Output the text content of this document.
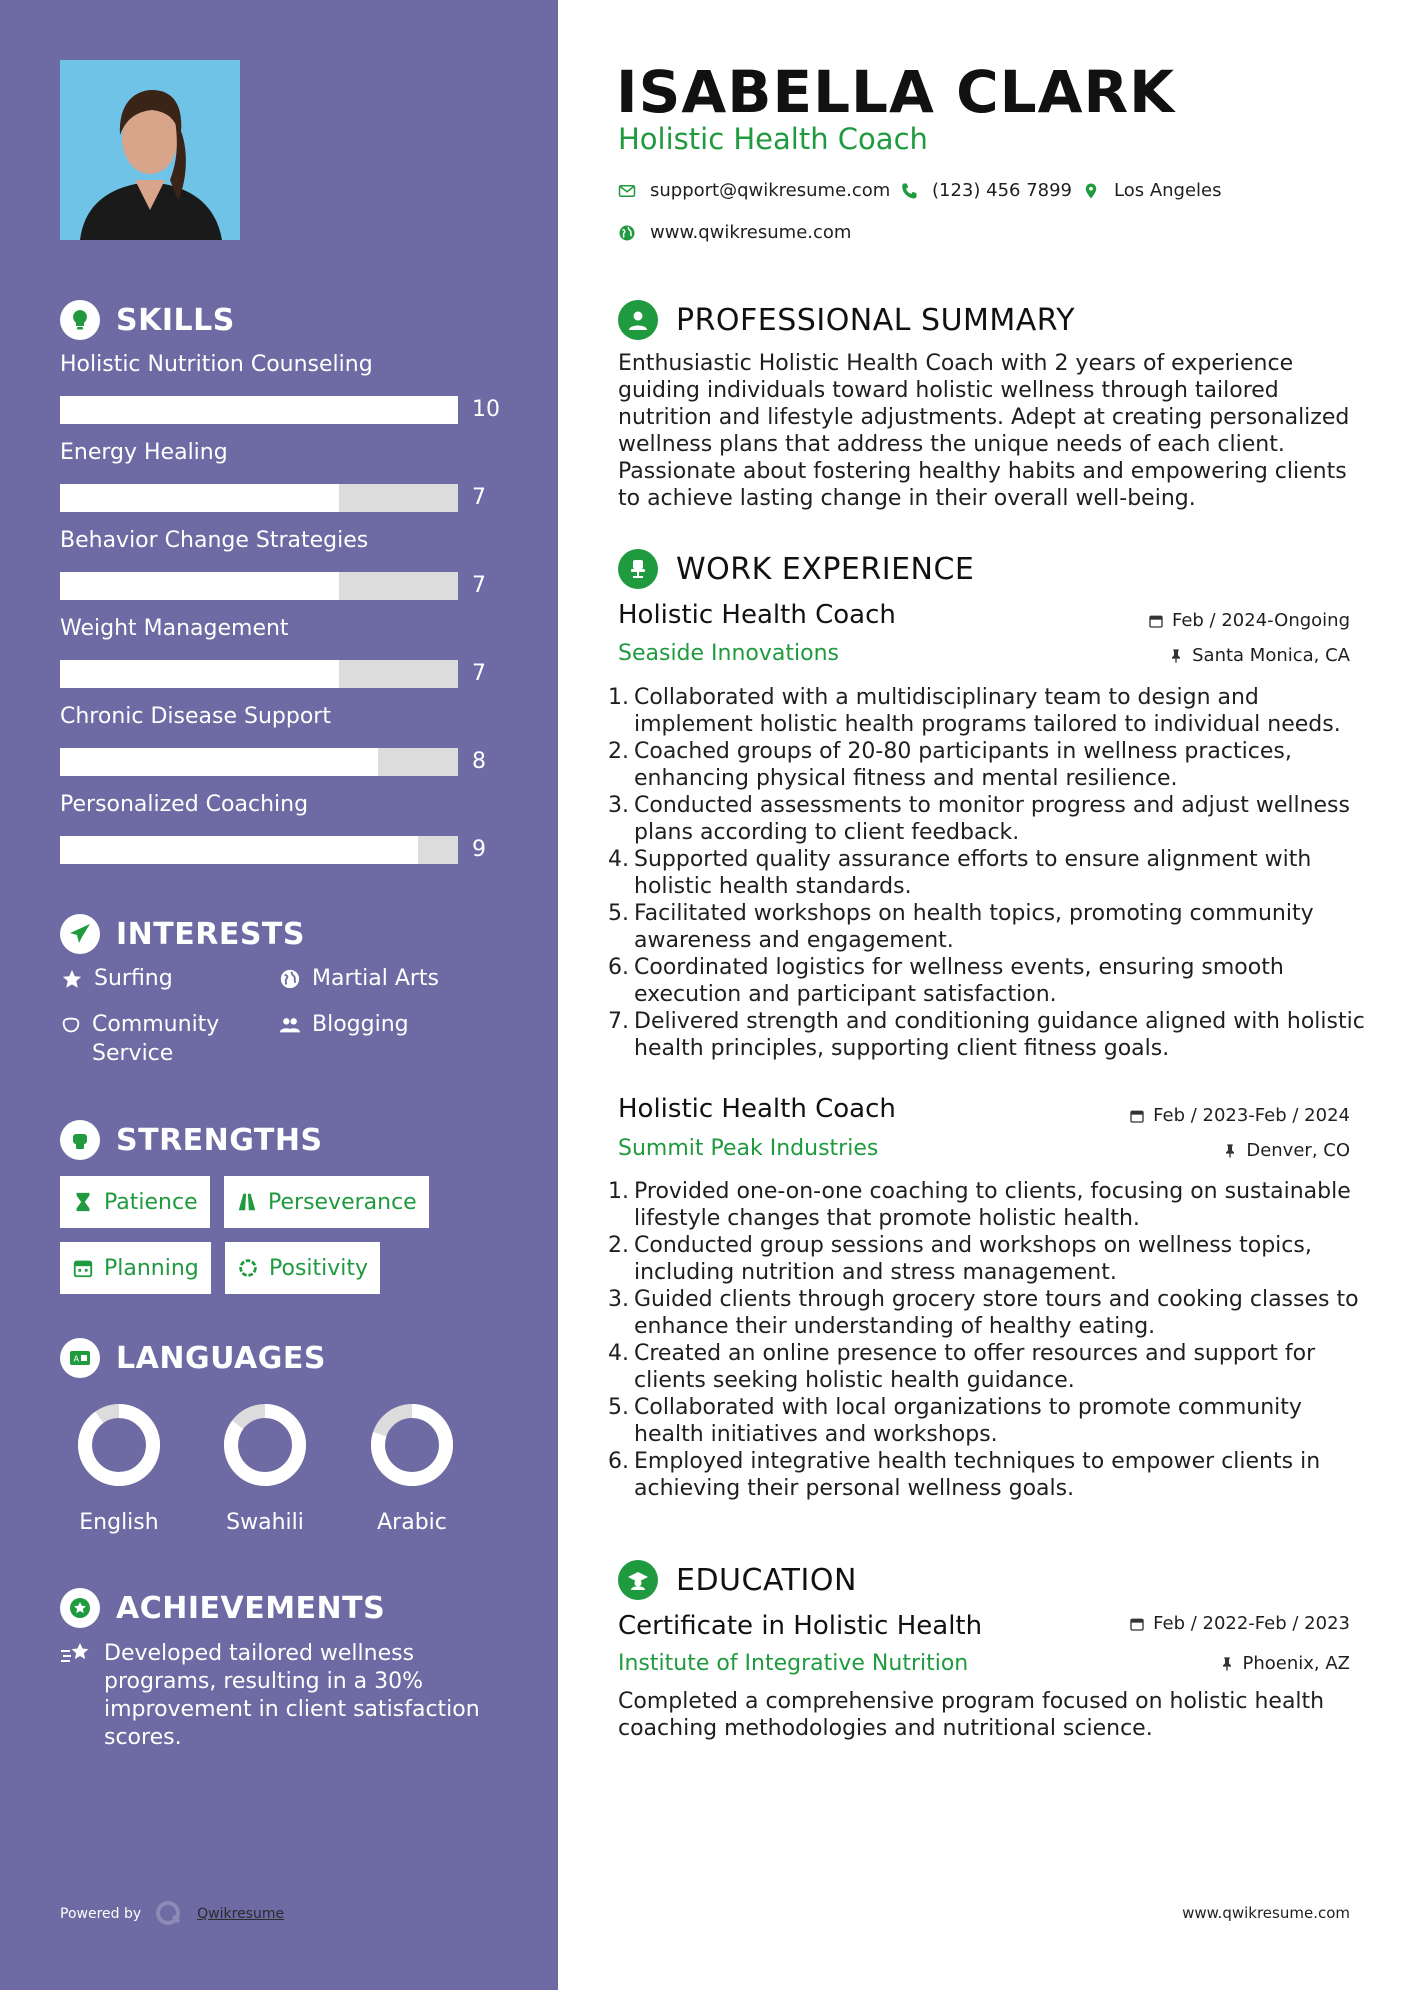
SKILLS
Holistic Nutrition Counseling
10
Energy Healing
7
Behavior Change Strategies
7
Weight Management
7
Chronic Disease Support
8
Personalized Coaching
9
INTERESTS
Surfing	Martial Arts
Community Service
Blogging
STRENGTHS
Patience	Perseverance
Planning	Positivity
A LANGUAGES
English	Swahili	Arabic
ACHIEVEMENTS
Developed tailored wellness programs, resulting in a 30% improvement in client satisfaction scores.
Powered by	Qwikresume
ISABELLA CLARK
Holistic Health Coach
support@qwikresume.com (123) 456 7899 Los Angeles
www.qwikresume.com
PROFESSIONAL SUMMARY
Enthusiastic Holistic Health Coach with 2 years of experience guiding individuals toward holistic wellness through tailored nutrition and lifestyle adjustments. Adept at creating personalized wellness plans that address the unique needs of each client. Passionate about fostering healthy habits and empowering clients to achieve lasting change in their overall well-being.
WORK EXPERIENCE
Holistic Health Coach	Feb / 2024-Ongoing
Seaside Innovations	Santa Monica, CA
1. Collaborated with a multidisciplinary team to design and implement holistic health programs tailored to individual needs.
2. Coached groups of 20-80 participants in wellness practices, enhancing physical fitness and mental resilience.
3. Conducted assessments to monitor progress and adjust wellness plans according to client feedback.
4. Supported quality assurance efforts to ensure alignment with holistic health standards.
5. Facilitated workshops on health topics, promoting community awareness and engagement.
6. Coordinated logistics for wellness events, ensuring smooth execution and participant satisfaction.
7. Delivered strength and conditioning guidance aligned with holistic health principles, supporting client fitness goals.
Holistic Health Coach	Feb / 2023-Feb / 2024
Summit Peak Industries	Denver, CO
1. Provided one-on-one coaching to clients, focusing on sustainable lifestyle changes that promote holistic health.
2. Conducted group sessions and workshops on wellness topics, including nutrition and stress management.
3. Guided clients through grocery store tours and cooking classes to enhance their understanding of healthy eating.
4. Created an online presence to offer resources and support for clients seeking holistic health guidance.
5. Collaborated with local organizations to promote community health initiatives and workshops.
6. Employed integrative health techniques to empower clients in achieving their personal wellness goals.
EDUCATION
Certificate in Holistic Health	Feb / 2022-Feb / 2023
Institute of Integrative Nutrition	Phoenix, AZ
Completed a comprehensive program focused on holistic health coaching methodologies and nutritional science.
www.qwikresume.com
